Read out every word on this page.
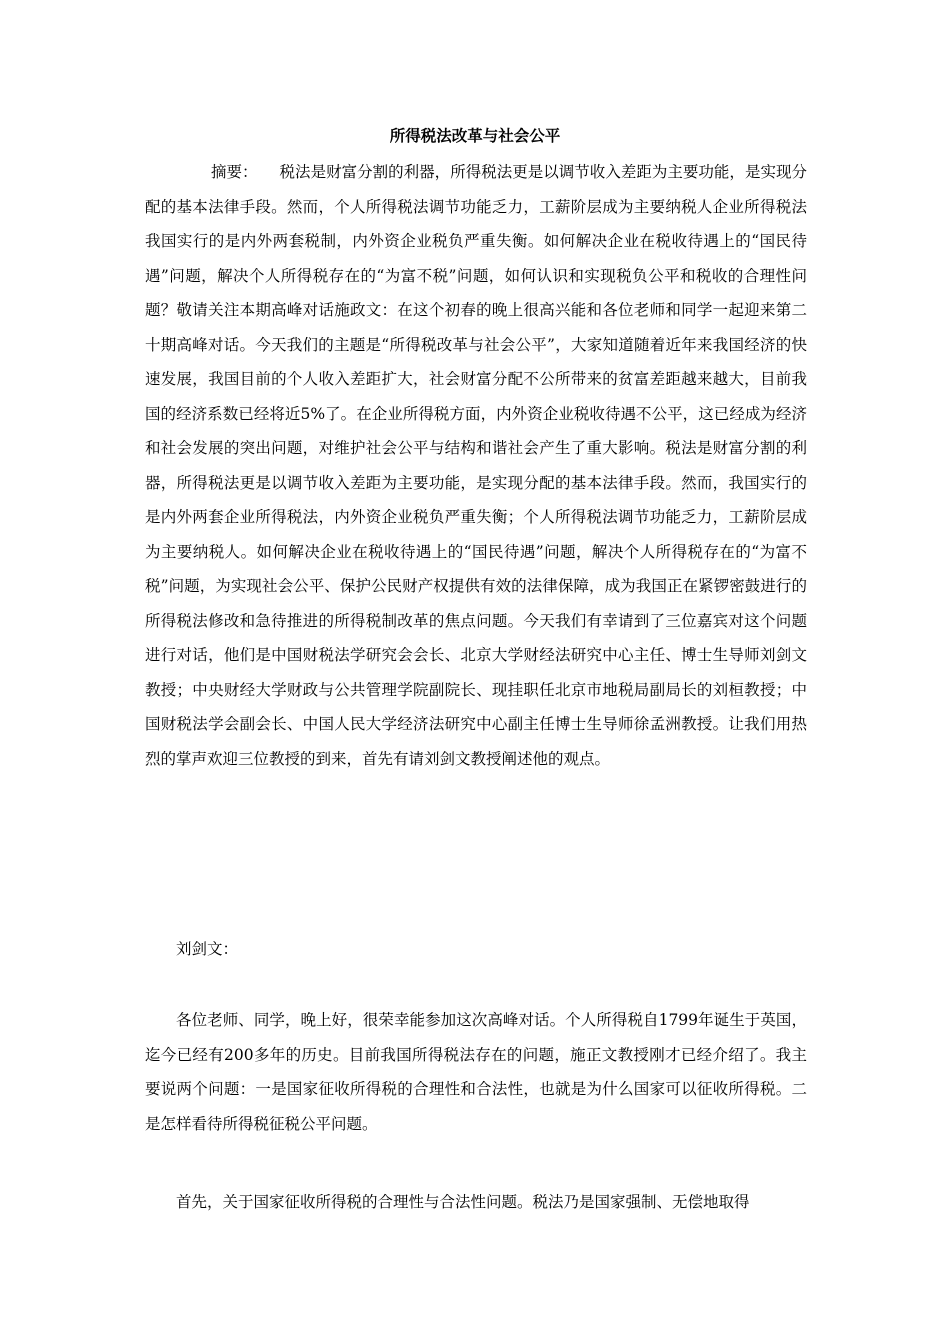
所得税法改革与社会公平

摘要： 税法是财富分割的利器，所得税法更是以调节收入差距为主要功能，是实现分配的基本法律手段。然而，个人所得税法调节功能乏力，工薪阶层成为主要纳税人企业所得税法我国实行的是内外两套税制，内外资企业税负严重失衡。如何解决企业在税收待遇上的“国民待遇”问题，解决个人所得税存在的“为富不税”问题，如何认识和实现税负公平和税收的合理性问题？敬请关注本期高峰对话施政文：在这个初春的晚上很高兴能和各位老师和同学一起迎来第二十期高峰对话。今天我们的主题是“所得税改革与社会公平”，大家知道随着近年来我国经济的快速发展，我国目前的个人收入差距扩大，社会财富分配不公所带来的贫富差距越来越大，目前我国的经济系数已经将近5%了。在企业所得税方面，内外资企业税收待遇不公平，这已经成为经济和社会发展的突出问题，对维护社会公平与结构和谐社会产生了重大影响。税法是财富分割的利器，所得税法更是以调节收入差距为主要功能，是实现分配的基本法律手段。然而，我国实行的是内外两套企业所得税法，内外资企业税负严重失衡；个人所得税法调节功能乏力，工薪阶层成为主要纳税人。如何解决企业在税收待遇上的“国民待遇”问题，解决个人所得税存在的“为富不税”问题，为实现社会公平、保护公民财产权提供有效的法律保障，成为我国正在紧锣密鼓进行的所得税法修改和急待推进的所得税制改革的焦点问题。今天我们有幸请到了三位嘉宾对这个问题进行对话，他们是中国财税法学研究会会长、北京大学财经法研究中心主任、博士生导师刘剑文教授；中央财经大学财政与公共管理学院副院长、现挂职任北京市地税局副局长的刘桓教授；中国财税法学会副会长、中国人民大学经济法研究中心副主任博士生导师徐孟洲教授。让我们用热烈的掌声欢迎三位教授的到来，首先有请刘剑文教授阐述他的观点。

刘剑文：

各位老师、同学，晚上好，很荣幸能参加这次高峰对话。个人所得税自1799年诞生于英国，迄今已经有200多年的历史。目前我国所得税法存在的问题，施正文教授刚才已经介绍了。我主要说两个问题：一是国家征收所得税的合理性和合法性，也就是为什么国家可以征收所得税。二是怎样看待所得税征税公平问题。

首先，关于国家征收所得税的合理性与合法性问题。税法乃是国家强制、无偿地取得
